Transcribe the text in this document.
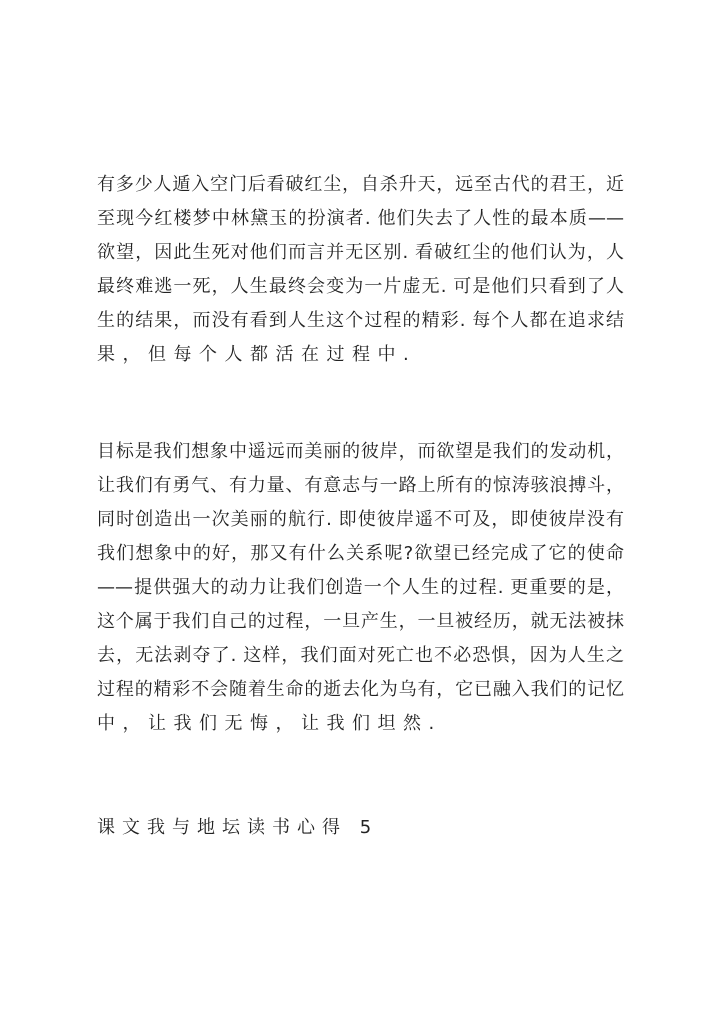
有多少人遁入空门后看破红尘，自杀升天，远至古代的君王，近
至现今红楼梦中林黛玉的扮演者. 他们失去了人性的最本质——
欲望，因此生死对他们而言并无区别. 看破红尘的他们认为，人
最终难逃一死，人生最终会变为一片虚无. 可是他们只看到了人
生的结果，而没有看到人生这个过程的精彩. 每个人都在追求结
果，但每个人都活在过程中.
目标是我们想象中遥远而美丽的彼岸，而欲望是我们的发动机，
让我们有勇气、有力量、有意志与一路上所有的惊涛骇浪搏斗，
同时创造出一次美丽的航行. 即使彼岸遥不可及，即使彼岸没有
我们想象中的好，那又有什么关系呢?欲望已经完成了它的使命
——提供强大的动力让我们创造一个人生的过程. 更重要的是，
这个属于我们自己的过程，一旦产生，一旦被经历，就无法被抹
去，无法剥夺了. 这样，我们面对死亡也不必恐惧，因为人生之
过程的精彩不会随着生命的逝去化为乌有，它已融入我们的记忆
中，让我们无悔，让我们坦然.
课文我与地坛读书心得 5
